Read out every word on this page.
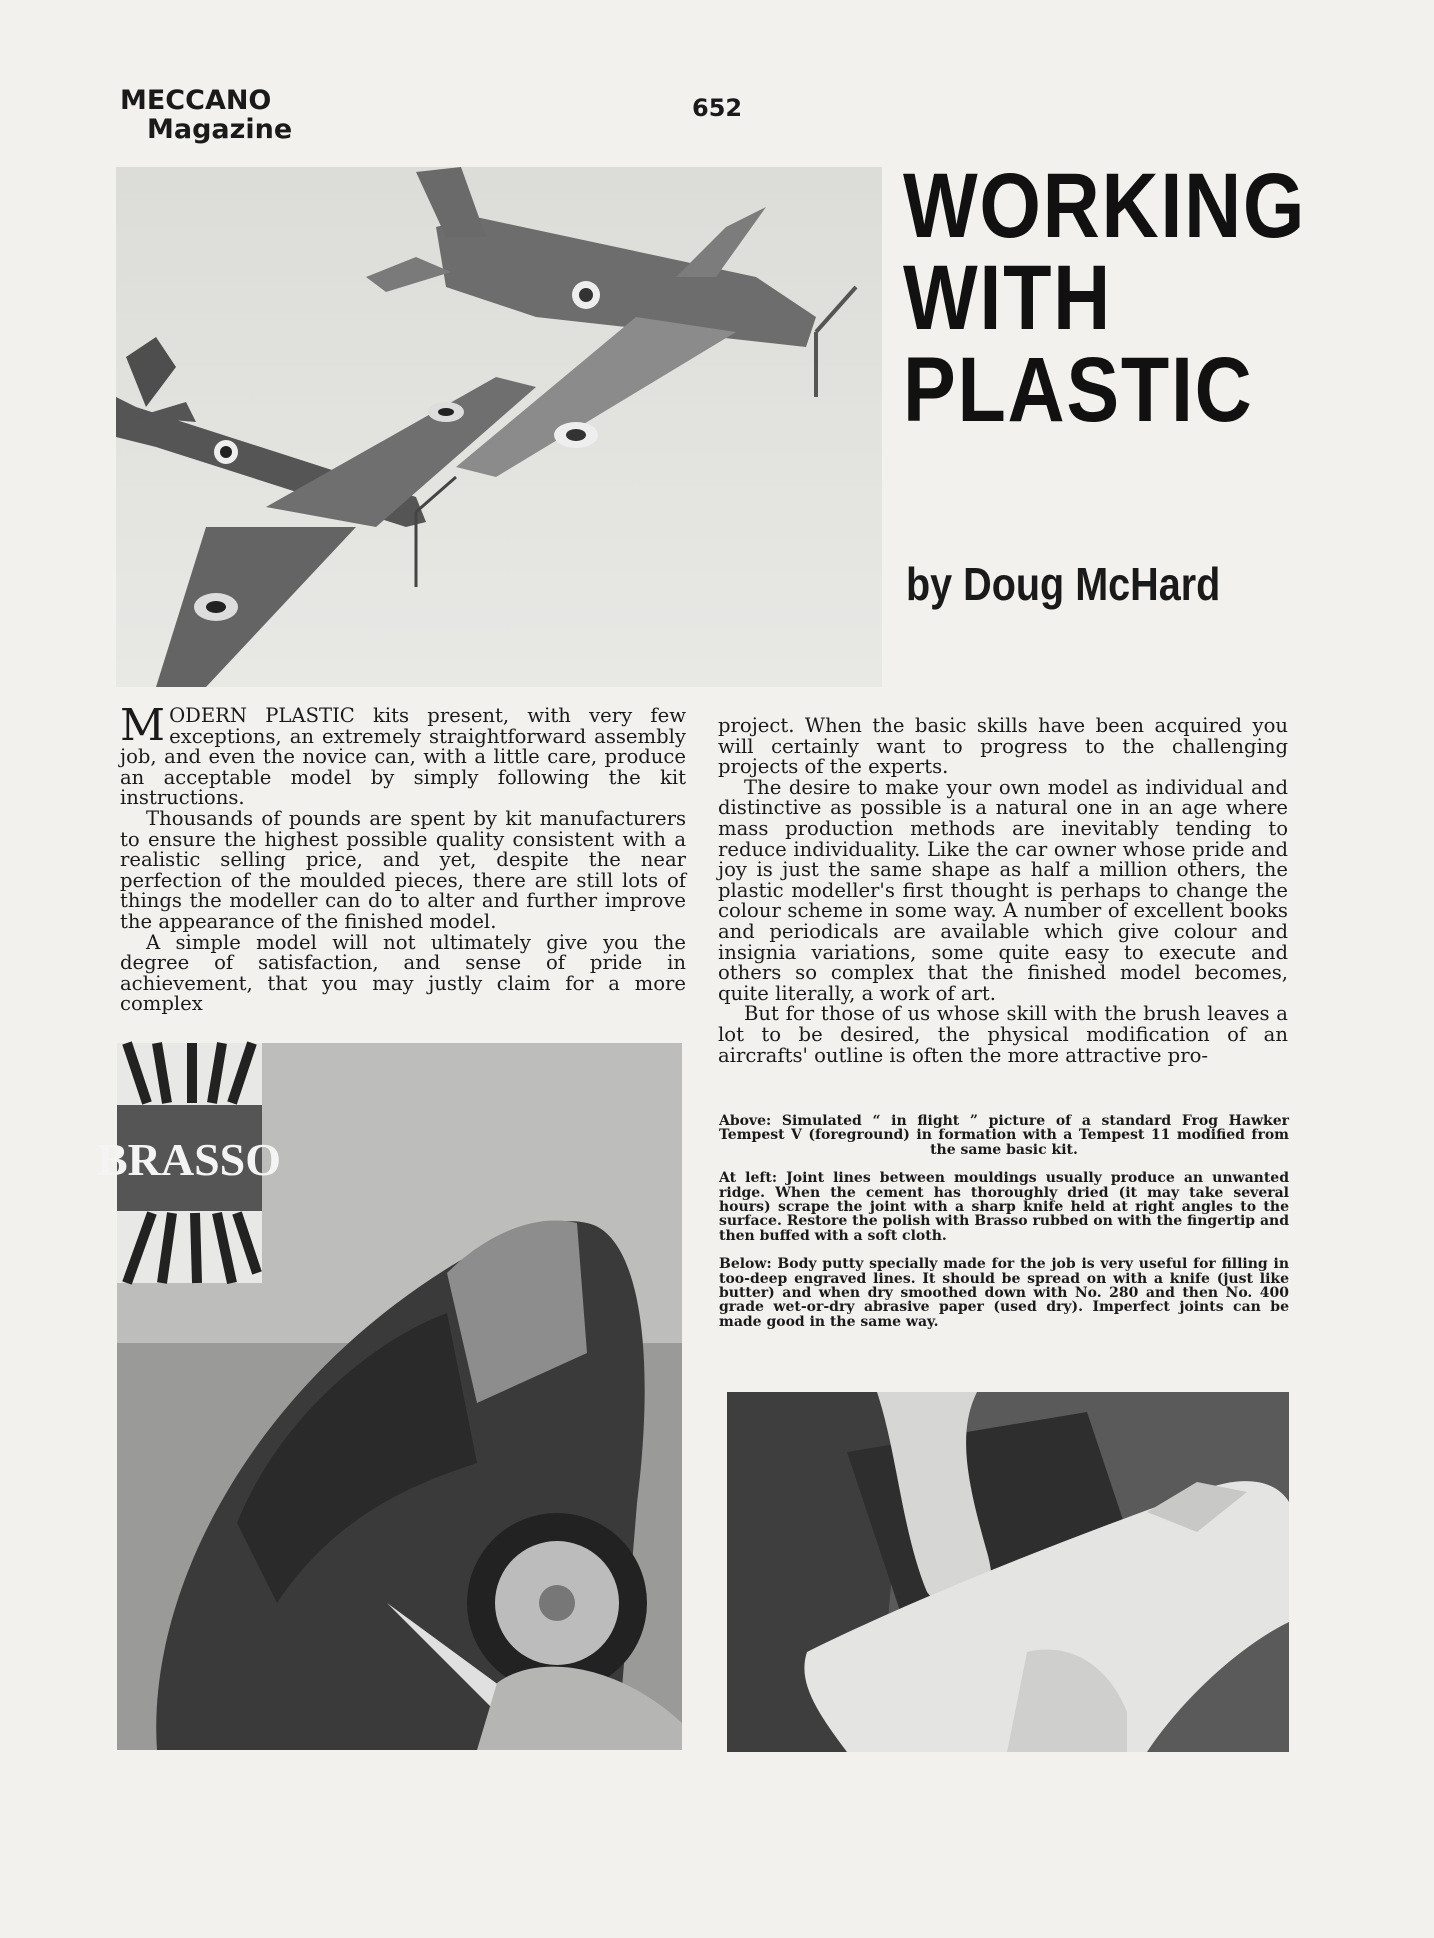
MECCANO
Magazine
652
WORKING
WITH
PLASTIC
by Doug McHard

MODERN PLASTIC kits present, with very few exceptions, an extremely straightforward assembly job, and even the novice can, with a little care, produce an acceptable model by simply following the kit instructions.

Thousands of pounds are spent by kit manufacturers to ensure the highest possible quality consistent with a realistic selling price, and yet, despite the near perfection of the moulded pieces, there are still lots of things the modeller can do to alter and further improve the appearance of the finished model.

A simple model will not ultimately give you the degree of satisfaction, and sense of pride in achievement, that you may justly claim for a more complex

project. When the basic skills have been acquired you will certainly want to progress to the challenging projects of the experts.

The desire to make your own model as individual and distinctive as possible is a natural one in an age where mass production methods are inevitably tending to reduce individuality. Like the car owner whose pride and joy is just the same shape as half a million others, the plastic modeller's first thought is perhaps to change the colour scheme in some way. A number of excellent books and periodicals are available which give colour and insignia variations, some quite easy to execute and others so complex that the finished model becomes, quite literally, a work of art.

But for those of us whose skill with the brush leaves a lot to be desired, the physical modification of an aircrafts' outline is often the more attractive pro-

Above: Simulated “ in flight ” picture of a standard Frog Hawker Tempest V (foreground) in formation with a Tempest 11 modified from the same basic kit.

At left: Joint lines between mouldings usually produce an unwanted ridge. When the cement has thoroughly dried (it may take several hours) scrape the joint with a sharp knife held at right angles to the surface. Restore the polish with Brasso rubbed on with the fingertip and then buffed with a soft cloth.

Below: Body putty specially made for the job is very useful for filling in too-deep engraved lines. It should be spread on with a knife (just like butter) and when dry smoothed down with No. 280 and then No. 400 grade wet-or-dry abrasive paper (used dry). Imperfect joints can be made good in the same way.

BRASSO
